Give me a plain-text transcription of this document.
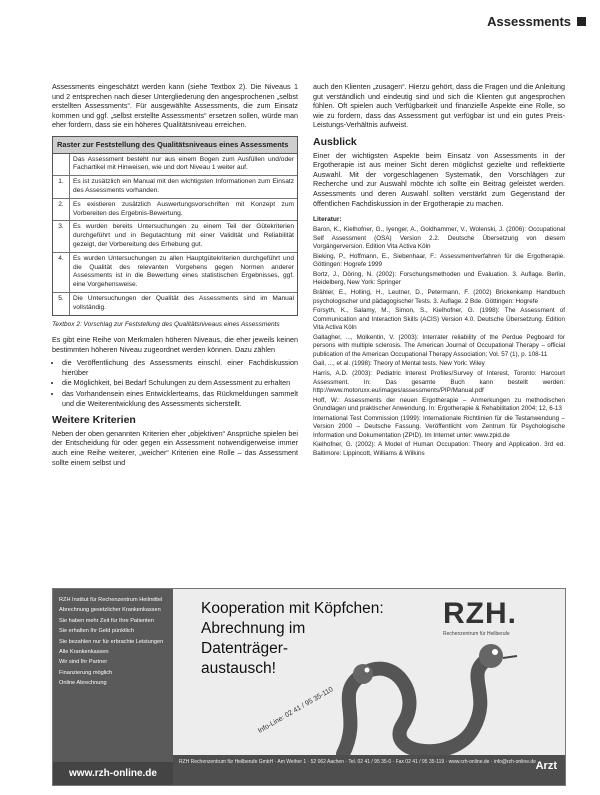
Assessments

Assessments eingeschätzt werden kann (siehe Textbox 2). Die Niveaus 1 und 2 entsprechen nach dieser Untergliederung den angesprochenen „selbst erstellten Assessments“. Für ausgewählte Assessments, die zum Einsatz kommen und ggf. „selbst erstellte Assessments“ ersetzen sollen, würde man eher fordern, dass sie ein höheres Qualitätsniveau erreichen.

Raster zur Feststellung des Qualitätsniveaus eines Assessments
Das Assessment besteht nur aus einem Bogen zum Ausfüllen und/oder Fachartikel mit Hinweisen, wie und dort Niveau 1 weiter auf.
1.	Es ist zusätzlich ein Manual mit den wichtigsten Informationen zum Einsatz des Assessments vorhanden.
2.	Es existieren zusätzlich Auswertungsvorschriften mit Konzept zum Vorbereiten des Ergebnis-Bewertung.
3.	Es wurden bereits Untersuchungen zu einem Teil der Gütekriterien durchgeführt und in Begutachtung mit einer Validität und Reliabilität gezeigt, der Vorbereitung des Erhebung gut.
4.	Es wurden Untersuchungen zu allen Hauptgütekriterien durchgeführt und die Qualität des relevanten Vorgehens gegen Normen anderer Assessments ist in die Bewertung eines statistischen Ergebnisses, ggf. eine Vorgehensweise.
5.	Die Untersuchungen der Qualität des Assessments sind im Manual vollständig.
Textbox 2: Vorschlag zur Feststellung des Qualitätsniveaus eines Assessments

Es gibt eine Reihe von Merkmalen höheren Niveaus, die eher jeweils keinen bestimmten höheren Niveau zugeordnet werden können. Dazu zählen

• die Veröffentlichung des Assessments einschl. einer Fachdiskussion hierüber
• die Möglichkeit, bei Bedarf Schulungen zu dem Assessment zu erhalten
• das Vorhandensein eines Entwicklerteams, das Rückmeldungen sammelt und die Weiterentwicklung des Assessments sicherstellt.
Weitere Kriterien

Neben der oben genannten Kriterien eher „objektiven“ Ansprüche spielen bei der Entscheidung für oder gegen ein Assessment notwendigerweise immer auch eine Reihe weiterer, „weicher“ Kriterien eine Rolle – das Assessment sollte einem selbst und

auch den Klienten „zusagen“. Hierzu gehört, dass die Fragen und die Anleitung gut verständlich und eindeutig sind und sich die Klienten gut angesprochen fühlen. Oft spielen auch Verfügbarkeit und finanzielle Aspekte eine Rolle, so wie zu fordern, dass das Assessment gut verfügbar ist und ein gutes Preis-Leistungs-Verhältnis aufweist.

Ausblick

Einer der wichtigsten Aspekte beim Einsatz von Assessments in der Ergotherapie ist aus meiner Sicht deren möglichst gezielte und reflektierte Auswahl. Mit der vorgeschlagenen Systematik, den Vorschlägen zur Recherche und zur Auswahl möchte ich sollte ein Beitrag geleistet werden. Assessments und deren Auswahl sollten verstärkt zum Gegenstand der öffentlichen Fachdiskussion in der Ergotherapie zu machen.

Literatur:
Baron, K., Kielhofner, G., Iyenger, A., Goldhammer, V., Wolenski, J. (2006): Occupational Self Assessment (OSA) Version 2.2. Deutsche Übersetzung von diesem Vorgängerversion. Edition Vita Activa Köln
Bieking, P., Hoffmann, E., Siebenhaar, F.: Assessmentverfahren für die Ergotherapie. Göttingen: Hogrefe 1999
Bortz, J., Döring, N. (2002): Forschungsmethoden und Evaluation. 3. Auflage. Berlin, Heidelberg, New York: Springer
Brähler, E., Holling, H., Leutner, D., Petermann, F. (2002) Brickenkamp Handbuch psychologischer und pädagogischer Tests. 3. Auflage. 2 Bde. Göttingen: Hogrefe
Forsyth, K., Salamy, M., Simon, S., Kielhofner, G. (1998): The Assessment of Communication and Interaction Skills (ACIS) Version 4.0. Deutsche Übersetzung. Edition Vita Activa Köln
Gallagher, ..., Molkentin, V. (2003): Interrater reliability of the Perdue Pegboard for persons with multiple sclerosis. The American Journal of Occupational Therapy – official publication of the American Occupational Therapy Association; Vol. 57 (1), p. 108-11
Gall, ..., et al. (1998): Theory of Mental tests. New York: Wiley
Harris, A.D. (2003): Pediatric Interest Profiles/Survey of Interest, Toronto: Harcourt Assessment. In: Das gesamte Buch kann bestellt werden: http://www.motoruxx.eu/images/assessments/PIP/Manual.pdf
Hoff, W.: Assessments der neuen Ergotherapie – Anmerkungen zu methodischen Grundlagen und praktischer Anwendung. In: Ergotherapie & Rehabilitation 2004; 12, 6-13
International Test Commission (1999): Internationale Richtlinien für die Testanwendung – Version 2000 – Deutsche Fassung. Veröffentlicht vom Zentrum für Psychologische Information und Dokumentation (ZPID). Im Internet unter: www.zpid.de
Kielhofner, G. (2002): A Model of Human Occupation: Theory and Application. 3rd ed. Baltimore: Lippincott, Williams & Wilkins
RZH Institut für Rechenzentrum Heilmittel
Abrechnung gesetzlicher Krankenkassen
Sie haben mehr Zeit für Ihre Patienten
Sie erhalten Ihr Geld pünktlich
Sie bezahlen nur für erbrachte Leistungen
Alle Krankenkassen
Wir sind Ihr Partner
Finanzierung möglich
Online Abrechnung
www.rzh-online.de
Kooperation mit Köpfchen:
Abrechnung im
Datenträger-
austausch!
RZH.
Rechenzentrum für Heilberufe
Info-Line: 02 41 / 95 35-110
RZH Rechenzentrum für Heilberufe GmbH · Am Weiher 1 · 52 062 Aachen · Tel. 02 41 / 95 35-0 · Fax 02 41 / 95 35-119 · www.rzh-online.de · info@rzh-online.de Arzt
